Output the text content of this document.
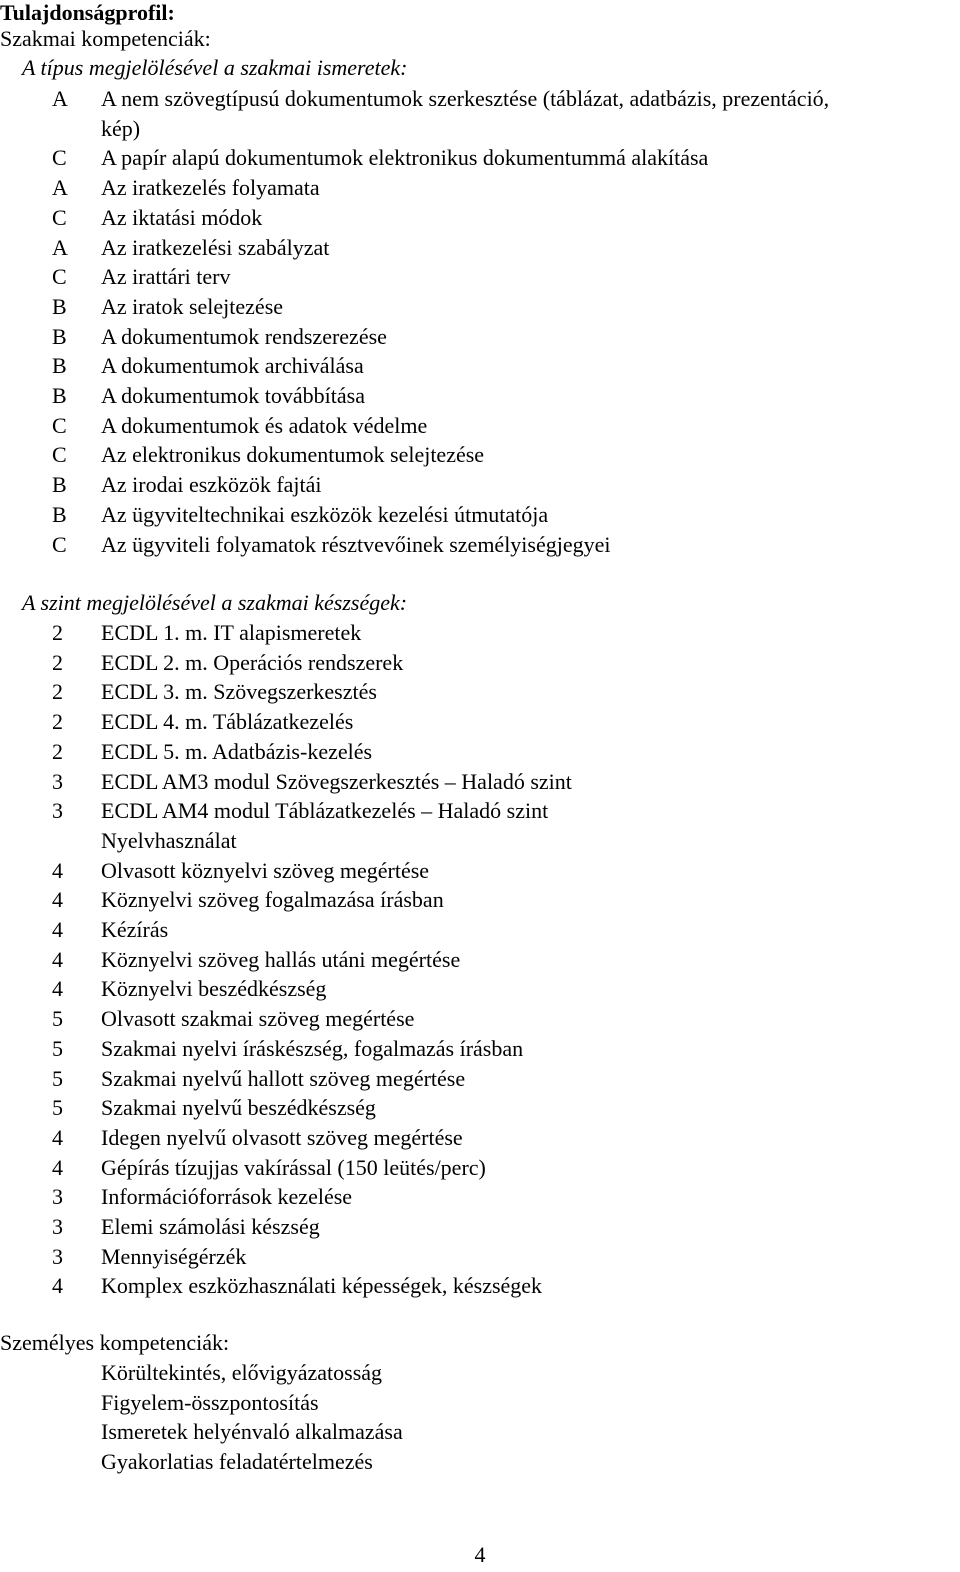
Tulajdonságprofil:
Szakmai kompetenciák:
A típus megjelölésével a szakmai ismeretek:
A	A nem szövegtípusú dokumentumok szerkesztése (táblázat, adatbázis, prezentáció,
kép)
C	A papír alapú dokumentumok elektronikus dokumentummá alakítása
A	Az iratkezelés folyamata
C	Az iktatási módok
A	Az iratkezelési szabályzat
C	Az irattári terv
B	Az iratok selejtezése
B	A dokumentumok rendszerezése
B	A dokumentumok archiválása
B	A dokumentumok továbbítása
C	A dokumentumok és adatok védelme
C	Az elektronikus dokumentumok selejtezése
B	Az irodai eszközök fajtái
B	Az ügyviteltechnikai eszközök kezelési útmutatója
C	Az ügyviteli folyamatok résztvevőinek személyiségjegyei
A szint megjelölésével a szakmai készségek:
2	ECDL 1. m. IT alapismeretek
2	ECDL 2. m. Operációs rendszerek
2	ECDL 3. m. Szövegszerkesztés
2	ECDL 4. m. Táblázatkezelés
2	ECDL 5. m. Adatbázis-kezelés
3	ECDL AM3 modul Szövegszerkesztés – Haladó szint
3	ECDL AM4 modul Táblázatkezelés – Haladó szint
Nyelvhasználat
4	Olvasott köznyelvi szöveg megértése
4	Köznyelvi szöveg fogalmazása írásban
4	Kézírás
4	Köznyelvi szöveg hallás utáni megértése
4	Köznyelvi beszédkészség
5	Olvasott szakmai szöveg megértése
5	Szakmai nyelvi íráskészség, fogalmazás írásban
5	Szakmai nyelvű hallott szöveg megértése
5	Szakmai nyelvű beszédkészség
4	Idegen nyelvű olvasott szöveg megértése
4	Gépírás tízujjas vakírással (150 leütés/perc)
3	Információforrások kezelése
3	Elemi számolási készség
3	Mennyiségérzék
4	Komplex eszközhasználati képességek, készségek
Személyes kompetenciák:
Körültekintés, elővigyázatosság
Figyelem-összpontosítás
Ismeretek helyénvaló alkalmazása
Gyakorlatias feladatértelmezés
4
